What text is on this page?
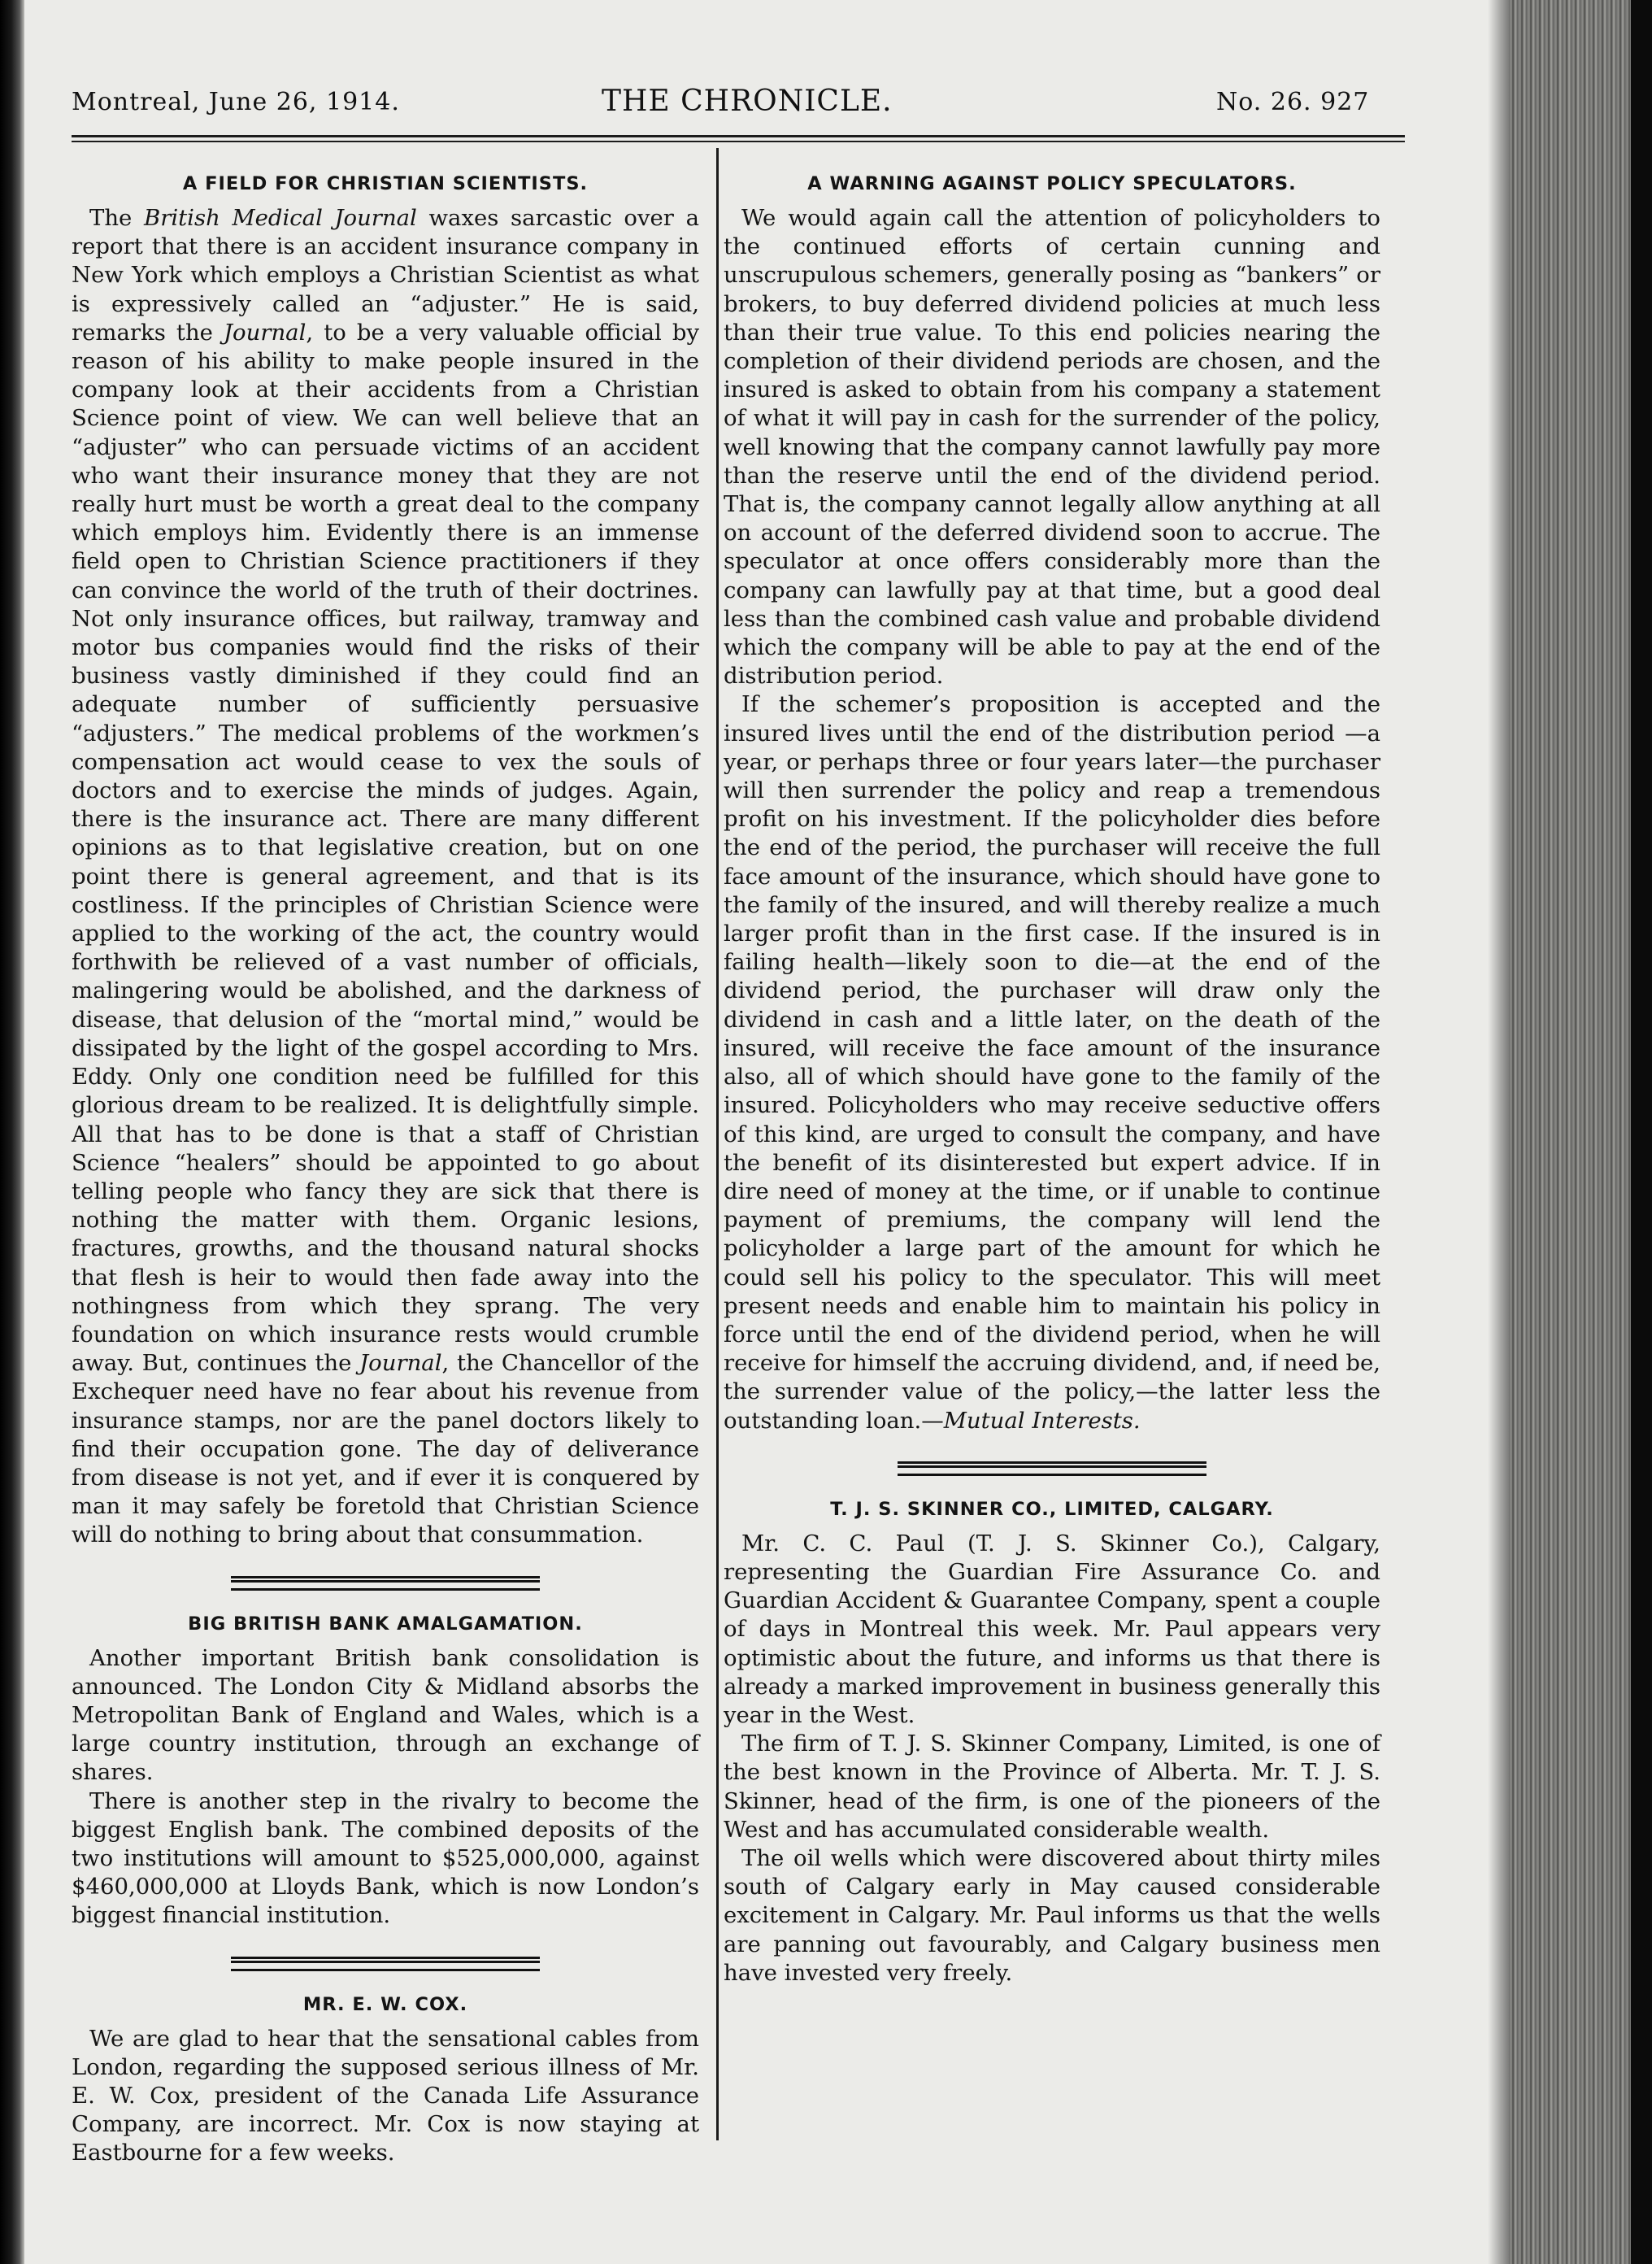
Montreal, June 26, 1914.	THE CHRONICLE.	No. 26. 927
A FIELD FOR CHRISTIAN SCIENTISTS.

The British Medical Journal waxes sarcastic over a report that there is an accident insurance company in New York which employs a Christian Scientist as what is expressively called an “adjuster.” He is said, remarks the Journal, to be a very valuable official by reason of his ability to make people insured in the company look at their accidents from a Christian Science point of view. We can well believe that an “adjuster” who can persuade victims of an accident who want their insurance money that they are not really hurt must be worth a great deal to the company which employs him. Evidently there is an immense field open to Christian Science practitioners if they can convince the world of the truth of their doctrines. Not only insurance offices, but railway, tramway and motor bus companies would find the risks of their business vastly diminished if they could find an adequate number of sufficiently persuasive “adjusters.” The medical problems of the workmen’s compensation act would cease to vex the souls of doctors and to exercise the minds of judges. Again, there is the insurance act. There are many different opinions as to that legislative creation, but on one point there is general agreement, and that is its costliness. If the principles of Christian Science were applied to the working of the act, the country would forthwith be relieved of a vast number of officials, malingering would be abolished, and the darkness of disease, that delusion of the “mortal mind,” would be dissipated by the light of the gospel according to Mrs. Eddy. Only one condition need be fulfilled for this glorious dream to be realized. It is delightfully simple. All that has to be done is that a staff of Christian Science “healers” should be appointed to go about telling people who fancy they are sick that there is nothing the matter with them. Organic lesions, fractures, growths, and the thousand natural shocks that flesh is heir to would then fade away into the nothingness from which they sprang. The very foundation on which insurance rests would crumble away. But, continues the Journal, the Chancellor of the Exchequer need have no fear about his revenue from insurance stamps, nor are the panel doctors likely to find their occupation gone. The day of deliverance from disease is not yet, and if ever it is conquered by man it may safely be foretold that Christian Science will do nothing to bring about that consummation.

BIG BRITISH BANK AMALGAMATION.

Another important British bank consolidation is announced. The London City & Midland absorbs the Metropolitan Bank of England and Wales, which is a large country institution, through an exchange of shares.

There is another step in the rivalry to become the biggest English bank. The combined deposits of the two institutions will amount to $525,000,000, against $460,000,000 at Lloyds Bank, which is now London’s biggest financial institution.

MR. E. W. COX.

We are glad to hear that the sensational cables from London, regarding the supposed serious illness of Mr. E. W. Cox, president of the Canada Life Assurance Company, are incorrect. Mr. Cox is now staying at Eastbourne for a few weeks.

A WARNING AGAINST POLICY SPECULATORS.

We would again call the attention of policyholders to the continued efforts of certain cunning and unscrupulous schemers, generally posing as “bankers” or brokers, to buy deferred dividend policies at much less than their true value. To this end policies nearing the completion of their dividend periods are chosen, and the insured is asked to obtain from his company a statement of what it will pay in cash for the surrender of the policy, well knowing that the company cannot lawfully pay more than the reserve until the end of the dividend period. That is, the company cannot legally allow anything at all on account of the deferred dividend soon to accrue. The speculator at once offers considerably more than the company can lawfully pay at that time, but a good deal less than the combined cash value and probable dividend which the company will be able to pay at the end of the distribution period.

If the schemer’s proposition is accepted and the insured lives until the end of the distribution period —a year, or perhaps three or four years later—the purchaser will then surrender the policy and reap a tremendous profit on his investment. If the policyholder dies before the end of the period, the purchaser will receive the full face amount of the insurance, which should have gone to the family of the insured, and will thereby realize a much larger profit than in the first case. If the insured is in failing health—likely soon to die—at the end of the dividend period, the purchaser will draw only the dividend in cash and a little later, on the death of the insured, will receive the face amount of the insurance also, all of which should have gone to the family of the insured. Policyholders who may receive seductive offers of this kind, are urged to consult the company, and have the benefit of its disinterested but expert advice. If in dire need of money at the time, or if unable to continue payment of premiums, the company will lend the policyholder a large part of the amount for which he could sell his policy to the speculator. This will meet present needs and enable him to maintain his policy in force until the end of the dividend period, when he will receive for himself the accruing dividend, and, if need be, the surrender value of the policy,—the latter less the outstanding loan.—Mutual Interests.

T. J. S. SKINNER CO., LIMITED, CALGARY.

Mr. C. C. Paul (T. J. S. Skinner Co.), Calgary, representing the Guardian Fire Assurance Co. and Guardian Accident & Guarantee Company, spent a couple of days in Montreal this week. Mr. Paul appears very optimistic about the future, and informs us that there is already a marked improvement in business generally this year in the West.

The firm of T. J. S. Skinner Company, Limited, is one of the best known in the Province of Alberta. Mr. T. J. S. Skinner, head of the firm, is one of the pioneers of the West and has accumulated considerable wealth.

The oil wells which were discovered about thirty miles south of Calgary early in May caused considerable excitement in Calgary. Mr. Paul informs us that the wells are panning out favourably, and Calgary business men have invested very freely.
